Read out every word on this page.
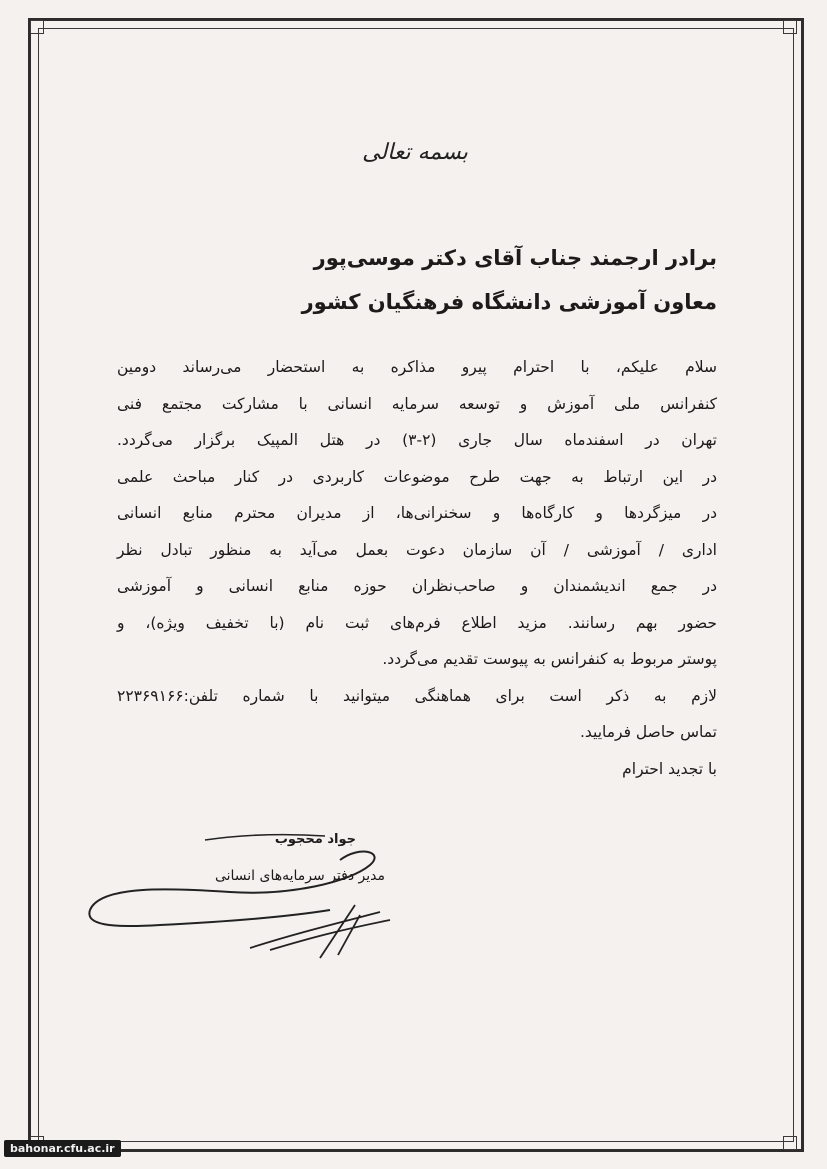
بسمه تعالی
برادر ارجمند جناب آقای دکتر موسی‌پور
معاون آموزشی دانشگاه فرهنگیان کشور
سلام علیکم، با احترام پیرو مذاکره به استحضار می‌رساند دومین
کنفرانس ملی آموزش و توسعه سرمایه انسانی با مشارکت مجتمع فنی
تهران در اسفندماه سال جاری (۲-۳) در هتل المپیک برگزار می‌گردد.
در این ارتباط به جهت طرح موضوعات کاربردی در کنار مباحث علمی
در میزگردها و کارگاه‌ها و سخنرانی‌ها، از مدیران محترم منابع انسانی
اداری / آموزشی / آن سازمان دعوت بعمل می‌آید به منظور تبادل نظر
در جمع اندیشمندان و صاحب‌نظران حوزه منابع انسانی و آموزشی
حضور بهم رسانند. مزید اطلاع فرم‌های ثبت نام (با تخفیف ویژه)، و
پوستر مربوط به کنفرانس به پیوست تقدیم می‌گردد.
لازم به ذکر است برای هماهنگی میتوانید با شماره تلفن:۲۲۳۶۹۱۶۶
تماس حاصل فرمایید.
با تجدید احترام
جواد محجوب
مدیر دفتر سرمایه‌های انسانی
bahonar.cfu.ac.ir
